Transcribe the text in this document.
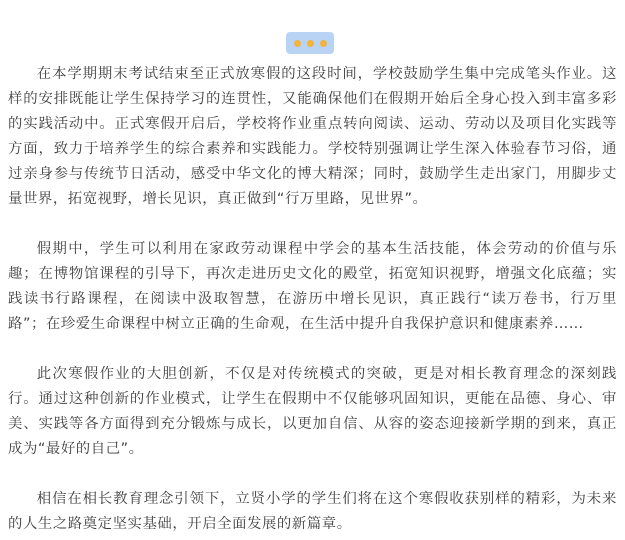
在本学期期末考试结束至正式放寒假的这段时间，学校鼓励学生集中完成笔头作业。这样的安排既能让学生保持学习的连贯性，又能确保他们在假期开始后全身心投入到丰富多彩的实践活动中。正式寒假开启后，学校将作业重点转向阅读、运动、劳动以及项目化实践等方面，致力于培养学生的综合素养和实践能力。学校特别强调让学生深入体验春节习俗，通过亲身参与传统节日活动，感受中华文化的博大精深；同时，鼓励学生走出家门，用脚步丈量世界，拓宽视野，增长见识，真正做到“行万里路，见世界”。

假期中，学生可以利用在家政劳动课程中学会的基本生活技能，体会劳动的价值与乐趣；在博物馆课程的引导下，再次走进历史文化的殿堂，拓宽知识视野，增强文化底蕴；实践读书行路课程，在阅读中汲取智慧，在游历中增长见识，真正践行“读万卷书，行万里路”；在珍爱生命课程中树立正确的生命观，在生活中提升自我保护意识和健康素养……

此次寒假作业的大胆创新，不仅是对传统模式的突破，更是对相长教育理念的深刻践行。通过这种创新的作业模式，让学生在假期中不仅能够巩固知识，更能在品德、身心、审美、实践等各方面得到充分锻炼与成长，以更加自信、从容的姿态迎接新学期的到来，真正成为“最好的自己”。

相信在相长教育理念引领下，立贤小学的学生们将在这个寒假收获别样的精彩，为未来的人生之路奠定坚实基础，开启全面发展的新篇章。
